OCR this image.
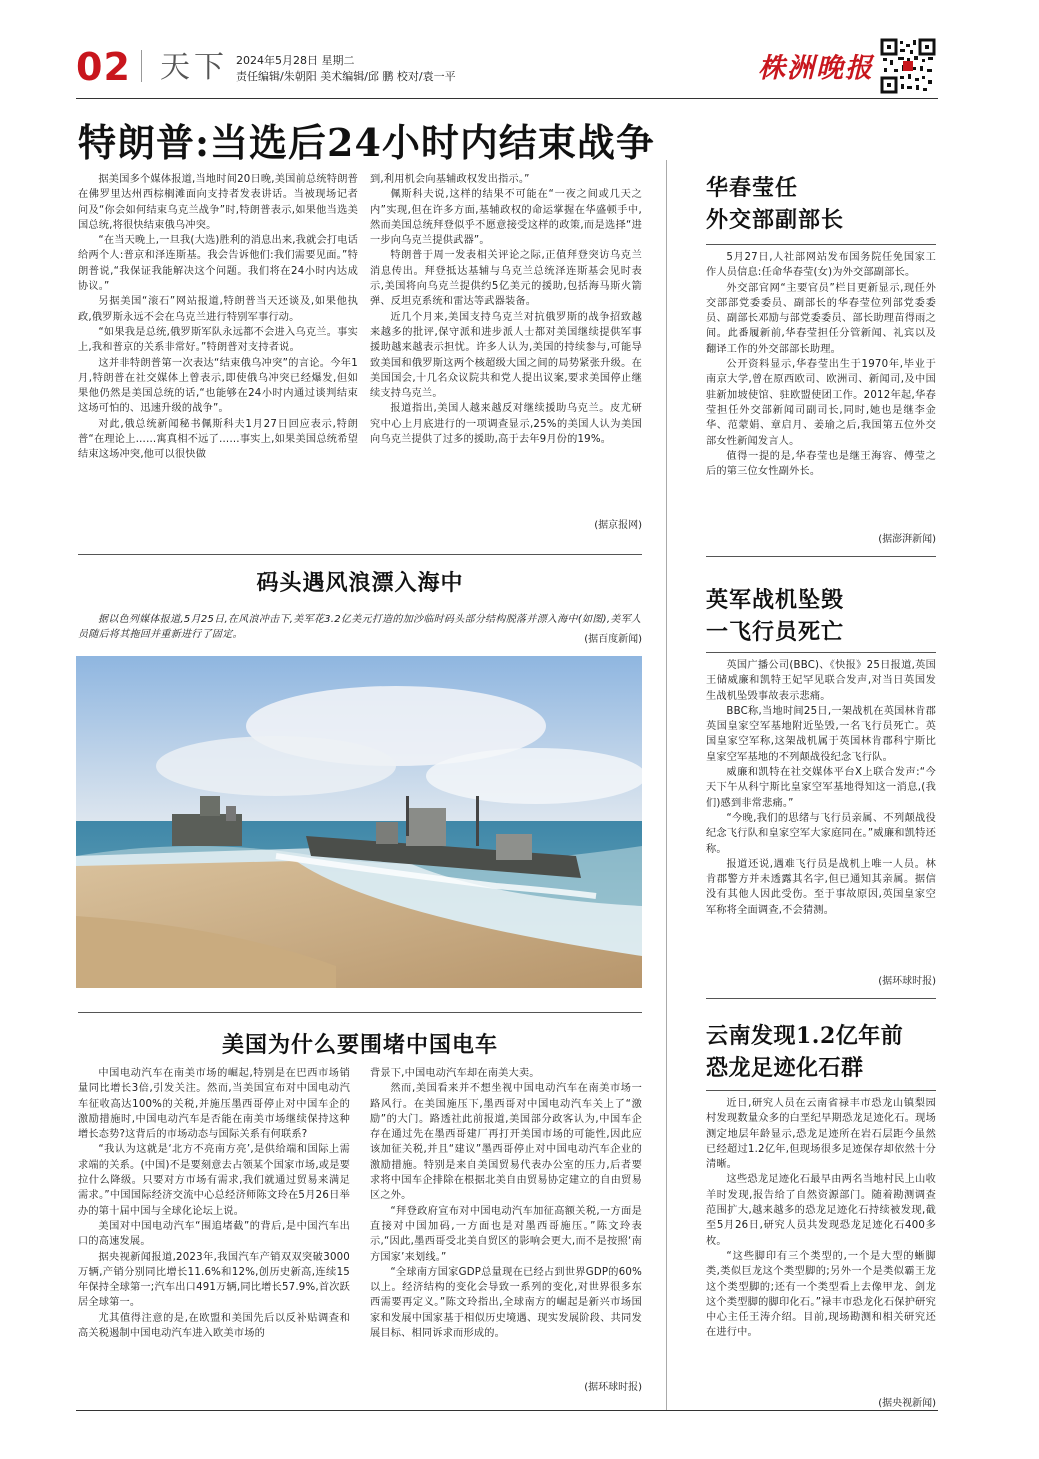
02 天下 2024年5月28日 星期二
责任编辑/朱朝阳 美术编辑/邱 鹏 校对/袁一平	株洲晚报
特朗普:当选后24小时内结束战争

据美国多个媒体报道,当地时间20日晚,美国前总统特朗普在佛罗里达州西棕榈滩面向支持者发表讲话。当被现场记者问及“你会如何结束乌克兰战争”时,特朗普表示,如果他当选美国总统,将很快结束俄乌冲突。

“在当天晚上,一旦我(大选)胜利的消息出来,我就会打电话给两个人:普京和泽连斯基。我会告诉他们:我们需要见面。”特朗普说,“我保证我能解决这个问题。我们将在24小时内达成协议。”

另据美国“滚石”网站报道,特朗普当天还谈及,如果他执政,俄罗斯永远不会在乌克兰进行特别军事行动。

“如果我是总统,俄罗斯军队永远都不会进入乌克兰。事实上,我和普京的关系非常好。”特朗普对支持者说。

这并非特朗普第一次表达“结束俄乌冲突”的言论。今年1月,特朗普在社交媒体上曾表示,即使俄乌冲突已经爆发,但如果他仍然是美国总统的话,“也能够在24小时内通过谈判结束这场可怕的、迅速升级的战争”。

对此,俄总统新闻秘书佩斯科夫1月27日回应表示,特朗普“在理论上……寓真相不远了……事实上,如果美国总统希望结束这场冲突,他可以很快做

到,利用机会向基辅政权发出指示。”

佩斯科夫说,这样的结果不可能在“一夜之间或几天之内”实现,但在许多方面,基辅政权的命运掌握在华盛顿手中,然而美国总统拜登似乎不愿意接受这样的政策,而是选择“进一步向乌克兰提供武器”。

特朗普于周一发表相关评论之际,正值拜登突访乌克兰消息传出。拜登抵达基辅与乌克兰总统泽连斯基会见时表示,美国将向乌克兰提供约5亿美元的援助,包括海马斯火箭弹、反坦克系统和雷达等武器装备。

近几个月来,美国支持乌克兰对抗俄罗斯的战争招致越来越多的批评,保守派和进步派人士都对美国继续提供军事援助越来越表示担忧。许多人认为,美国的持续参与,可能导致美国和俄罗斯这两个核超级大国之间的局势紧张升级。在美国国会,十几名众议院共和党人提出议案,要求美国停止继续支持乌克兰。

报道指出,美国人越来越反对继续援助乌克兰。皮尤研究中心上月底进行的一项调查显示,25%的美国人认为美国向乌克兰提供了过多的援助,高于去年9月份的19%。

(据京报网)
码头遇风浪漂入海中
据以色列媒体报道,5月25日,在风浪冲击下,美军花3.2亿美元打造的加沙临时码头部分结构脱落并漂入海中(如图),美军人员随后将其拖回并重新进行了固定。	(据百度新闻)
美国为什么要围堵中国电车

中国电动汽车在南美市场的崛起,特别是在巴西市场销量同比增长3倍,引发关注。然而,当美国宣布对中国电动汽车征收高达100%的关税,并施压墨西哥停止对中国车企的激励措施时,中国电动汽车是否能在南美市场继续保持这种增长态势?这背后的市场动态与国际关系有何联系?

“我认为这就是‘北方不亮南方亮’,是供给端和国际上需求端的关系。(中国)不是要刻意去占领某个国家市场,或是要拉什么降级。只要对方市场有需求,我们就通过贸易来满足需求。”中国国际经济交流中心总经济师陈文玲在5月26日举办的第十届中国与全球化论坛上说。

美国对中国电动汽车“围追堵截”的背后,是中国汽车出口的高速发展。

据央视新闻报道,2023年,我国汽车产销双双突破3000万辆,产销分别同比增长11.6%和12%,创历史新高,连续15年保持全球第一;汽车出口491万辆,同比增长57.9%,首次跃居全球第一。

尤其值得注意的是,在欧盟和美国先后以反补贴调查和高关税遏制中国电动汽车进入欧美市场的

背景下,中国电动汽车却在南美大卖。

然而,美国看来并不想坐视中国电动汽车在南美市场一路风行。在美国施压下,墨西哥对中国电动汽车关上了“激励”的大门。路透社此前报道,美国部分政客认为,中国车企存在通过先在墨西哥建厂再打开美国市场的可能性,因此应该加征关税,并且“建议”墨西哥停止对中国电动汽车企业的激励措施。特别是来自美国贸易代表办公室的压力,后者要求将中国车企排除在根据北美自由贸易协定建立的自由贸易区之外。

“拜登政府宣布对中国电动汽车加征高额关税,一方面是直接对中国加码,一方面也是对墨西哥施压。”陈文玲表示,“因此,墨西哥受北美自贸区的影响会更大,而不是按照‘南方国家’来划线。”

“全球南方国家GDP总量现在已经占到世界GDP的60%以上。经济结构的变化会导致一系列的变化,对世界很多东西需要再定义。”陈文玲指出,全球南方的崛起是新兴市场国家和发展中国家基于相似历史境遇、现实发展阶段、共同发展目标、相同诉求而形成的。

(据环球时报)
华春莹任
外交部副部长

5月27日,人社部网站发布国务院任免国家工作人员信息:任命华春莹(女)为外交部副部长。

外交部官网“主要官员”栏目更新显示,现任外交部部党委委员、副部长的华春莹位列部党委委员、副部长邓励与部党委委员、部长助理苗得雨之间。此番履新前,华春莹担任分管新闻、礼宾以及翻译工作的外交部部长助理。

公开资料显示,华春莹出生于1970年,毕业于南京大学,曾在原西欧司、欧洲司、新闻司,及中国驻新加坡使馆、驻欧盟使团工作。2012年起,华春莹担任外交部新闻司副司长,同时,她也是继李金华、范蒙娟、章启月、姜瑜之后,我国第五位外交部女性新闻发言人。

值得一提的是,华春莹也是继王海容、傅莹之后的第三位女性副外长。

(据澎湃新闻)
英军战机坠毁
一飞行员死亡

英国广播公司(BBC)、《快报》25日报道,英国王储威廉和凯特王妃罕见联合发声,对当日英国发生战机坠毁事故表示悲痛。

BBC称,当地时间25日,一架战机在英国林肯郡英国皇家空军基地附近坠毁,一名飞行员死亡。英国皇家空军称,这架战机属于英国林肯郡科宁斯比皇家空军基地的不列颠战役纪念飞行队。

威廉和凯特在社交媒体平台X上联合发声:“今天下午从科宁斯比皇家空军基地得知这一消息,(我们)感到非常悲痛。”

“今晚,我们的思绪与飞行员亲属、不列颠战役纪念飞行队和皇家空军大家庭同在。”威廉和凯特还称。

报道还说,遇难飞行员是战机上唯一人员。林肯郡警方并未透露其名字,但已通知其亲属。据信没有其他人因此受伤。至于事故原因,英国皇家空军称将全面调查,不会猜测。

(据环球时报)
云南发现1.2亿年前
恐龙足迹化石群

近日,研究人员在云南省禄丰市恐龙山镇梨园村发现数量众多的白垩纪早期恐龙足迹化石。现场测定地层年龄显示,恐龙足迹所在岩石层距今虽然已经超过1.2亿年,但现场很多足迹保存却依然十分清晰。

这些恐龙足迹化石最早由两名当地村民上山收羊时发现,报告给了自然资源部门。随着勘测调查范围扩大,越来越多的恐龙足迹化石持续被发现,截至5月26日,研究人员共发现恐龙足迹化石400多枚。

“这些脚印有三个类型的,一个是大型的蜥脚类,类似巨龙这个类型脚的;另外一个是类似霸王龙这个类型脚的;还有一个类型看上去像甲龙、剑龙这个类型脚的脚印化石。”禄丰市恐龙化石保护研究中心主任王涛介绍。目前,现场勘测和相关研究还在进行中。

(据央视新闻)
